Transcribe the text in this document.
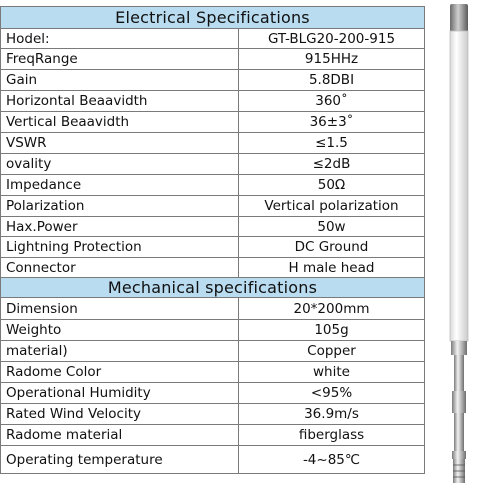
Electrical Specifications	
Hodel:	GT-BLG20-200-915
FreqRange	915HHz
Gain	5.8DBI
Horizontal Beaavidth	360˚
Vertical Beaavidth	36±3˚
VSWR	≤1.5
ovality	≤2dB
Impedance	50Ω
Polarization	Vertical polarization
Hax.Power	50w
Lightning Protection	DC Ground
Connector	H male head
Mechanical specifications	
Dimension	20*200mm
Weighto	105g
material)	Copper
Radome Color	white
Operational Humidity	<95%
Rated Wind Velocity	36.9m/s
Radome material	fiberglass
Operating temperature	-4~85℃
